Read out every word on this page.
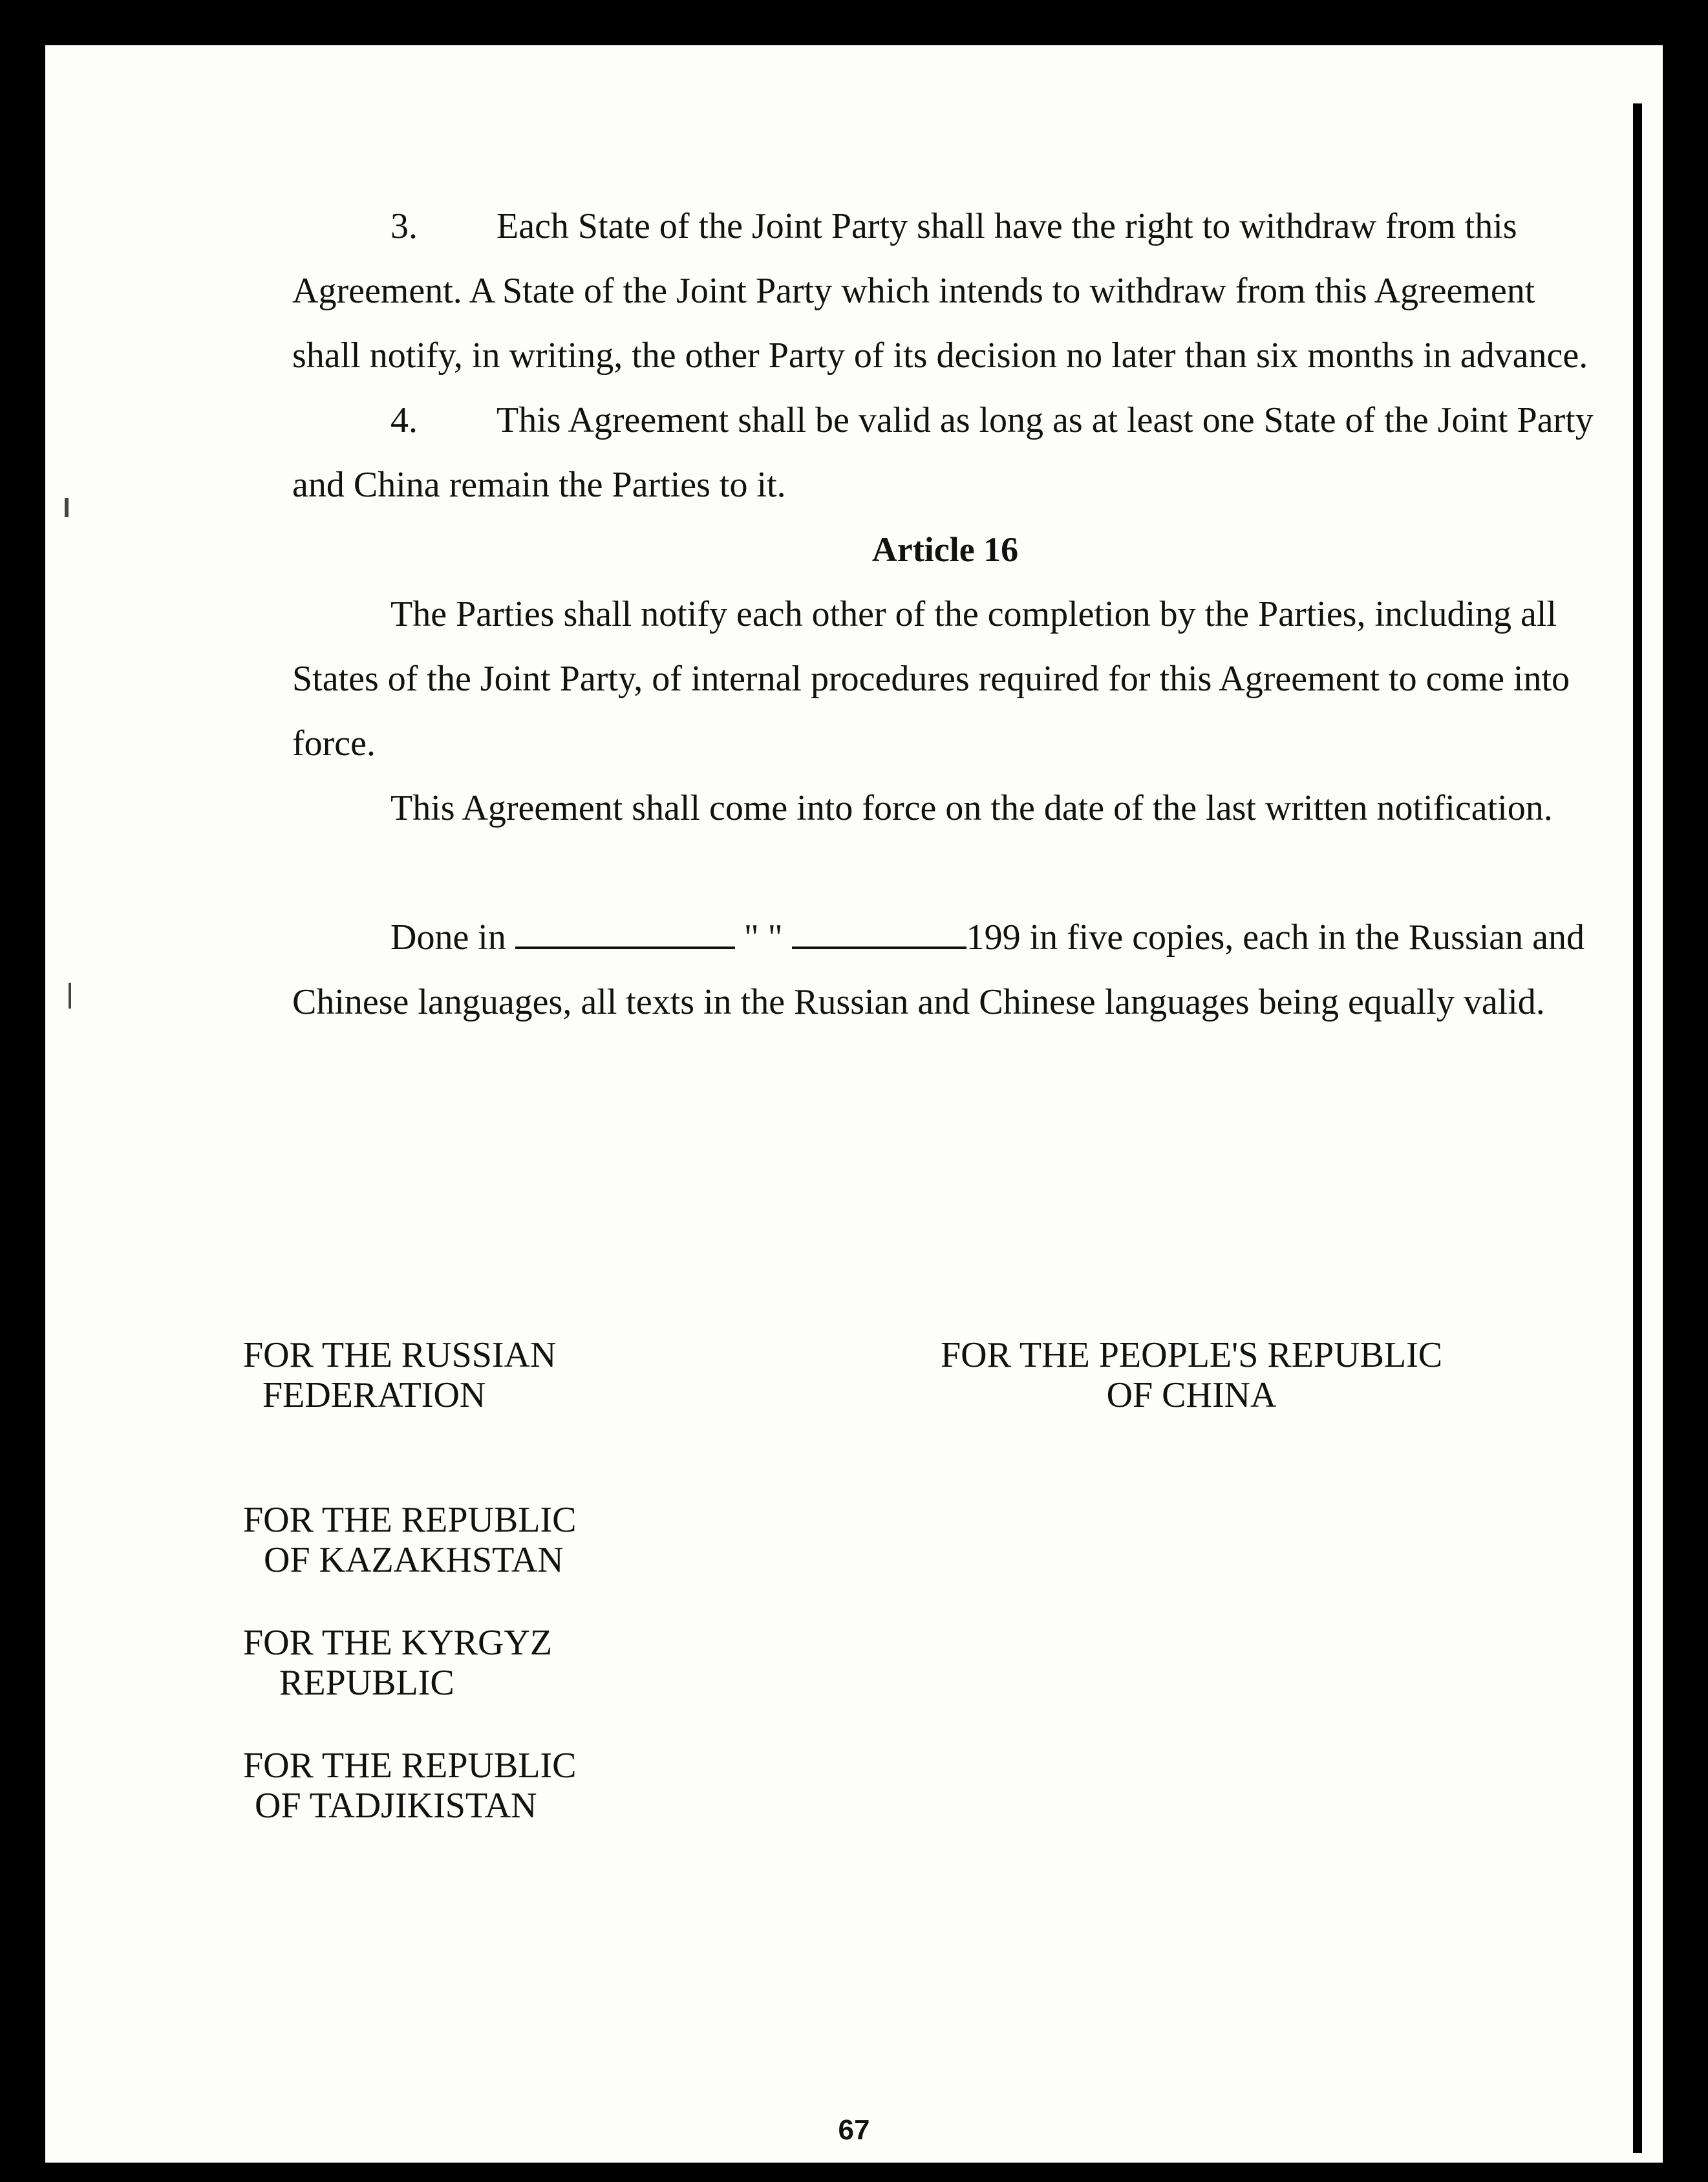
3. Each State of the Joint Party shall have the right to withdraw from this Agreement. A State of the Joint Party which intends to withdraw from this Agreement shall notify, in writing, the other Party of its decision no later than six months in advance.

4. This Agreement shall be valid as long as at least one State of the Joint Party and China remain the Parties to it.

Article 16

The Parties shall notify each other of the completion by the Parties, including all States of the Joint Party, of internal procedures required for this Agreement to come into force.

This Agreement shall come into force on the date of the last written notification.

Done in	" "	199 in five copies, each in the Russian and Chinese languages, all texts in the Russian and Chinese languages being equally valid.

FOR THE RUSSIAN
FEDERATION
FOR THE PEOPLE'S REPUBLIC
OF CHINA
FOR THE REPUBLIC
OF KAZAKHSTAN
FOR THE KYRGYZ
REPUBLIC
FOR THE REPUBLIC
OF TADJIKISTAN
67
